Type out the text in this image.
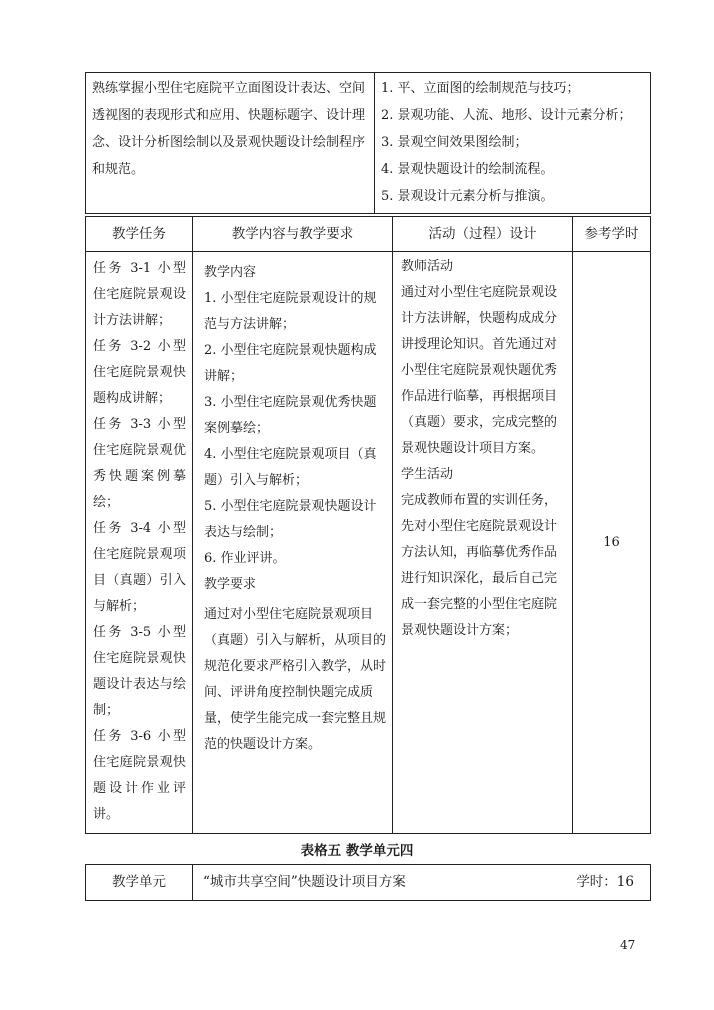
熟练掌握小型住宅庭院平立面图设计表达、空间透视图的表现形式和应用、快题标题字、设计理念、设计分析图绘制以及景观快题设计绘制程序和规范。

1. 平、立面图的绘制规范与技巧；
2. 景观功能、人流、地形、设计元素分析；
3. 景观空间效果图绘制；
4. 景观快题设计的绘制流程。
5. 景观设计元素分析与推演。
教学任务	教学内容与教学要求	活动（过程）设计	参考学时
任务 3-1 小型住宅庭院景观设计方法讲解；
任务 3-2 小型住宅庭院景观快题构成讲解；
任务 3-3 小型住宅庭院景观优秀快题案例摹绘；
任务 3-4 小型住宅庭院景观项目（真题）引入与解析；
任务 3-5 小型住宅庭院景观快题设计表达与绘制；
任务 3-6 小型住宅庭院景观快题设计作业评讲。

教学内容
1. 小型住宅庭院景观设计的规范与方法讲解；
2. 小型住宅庭院景观快题构成讲解；
3. 小型住宅庭院景观优秀快题案例摹绘；
4. 小型住宅庭院景观项目（真题）引入与解析；
5. 小型住宅庭院景观快题设计表达与绘制；
6. 作业评讲。
教学要求
通过对小型住宅庭院景观项目（真题）引入与解析，从项目的规范化要求严格引入教学，从时间、评讲角度控制快题完成质量，使学生能完成一套完整且规范的快题设计方案。

教师活动
通过对小型住宅庭院景观设计方法讲解，快题构成成分讲授理论知识。首先通过对小型住宅庭院景观快题优秀作品进行临摹，再根据项目（真题）要求，完成完整的景观快题设计项目方案。
学生活动
完成教师布置的实训任务，先对小型住宅庭院景观设计方法认知，再临摹优秀作品进行知识深化，最后自己完成一套完整的小型住宅庭院景观快题设计方案；
	16
表格五 教学单元四
教学单元	“城市共享空间”快题设计项目方案	学时：16
47
